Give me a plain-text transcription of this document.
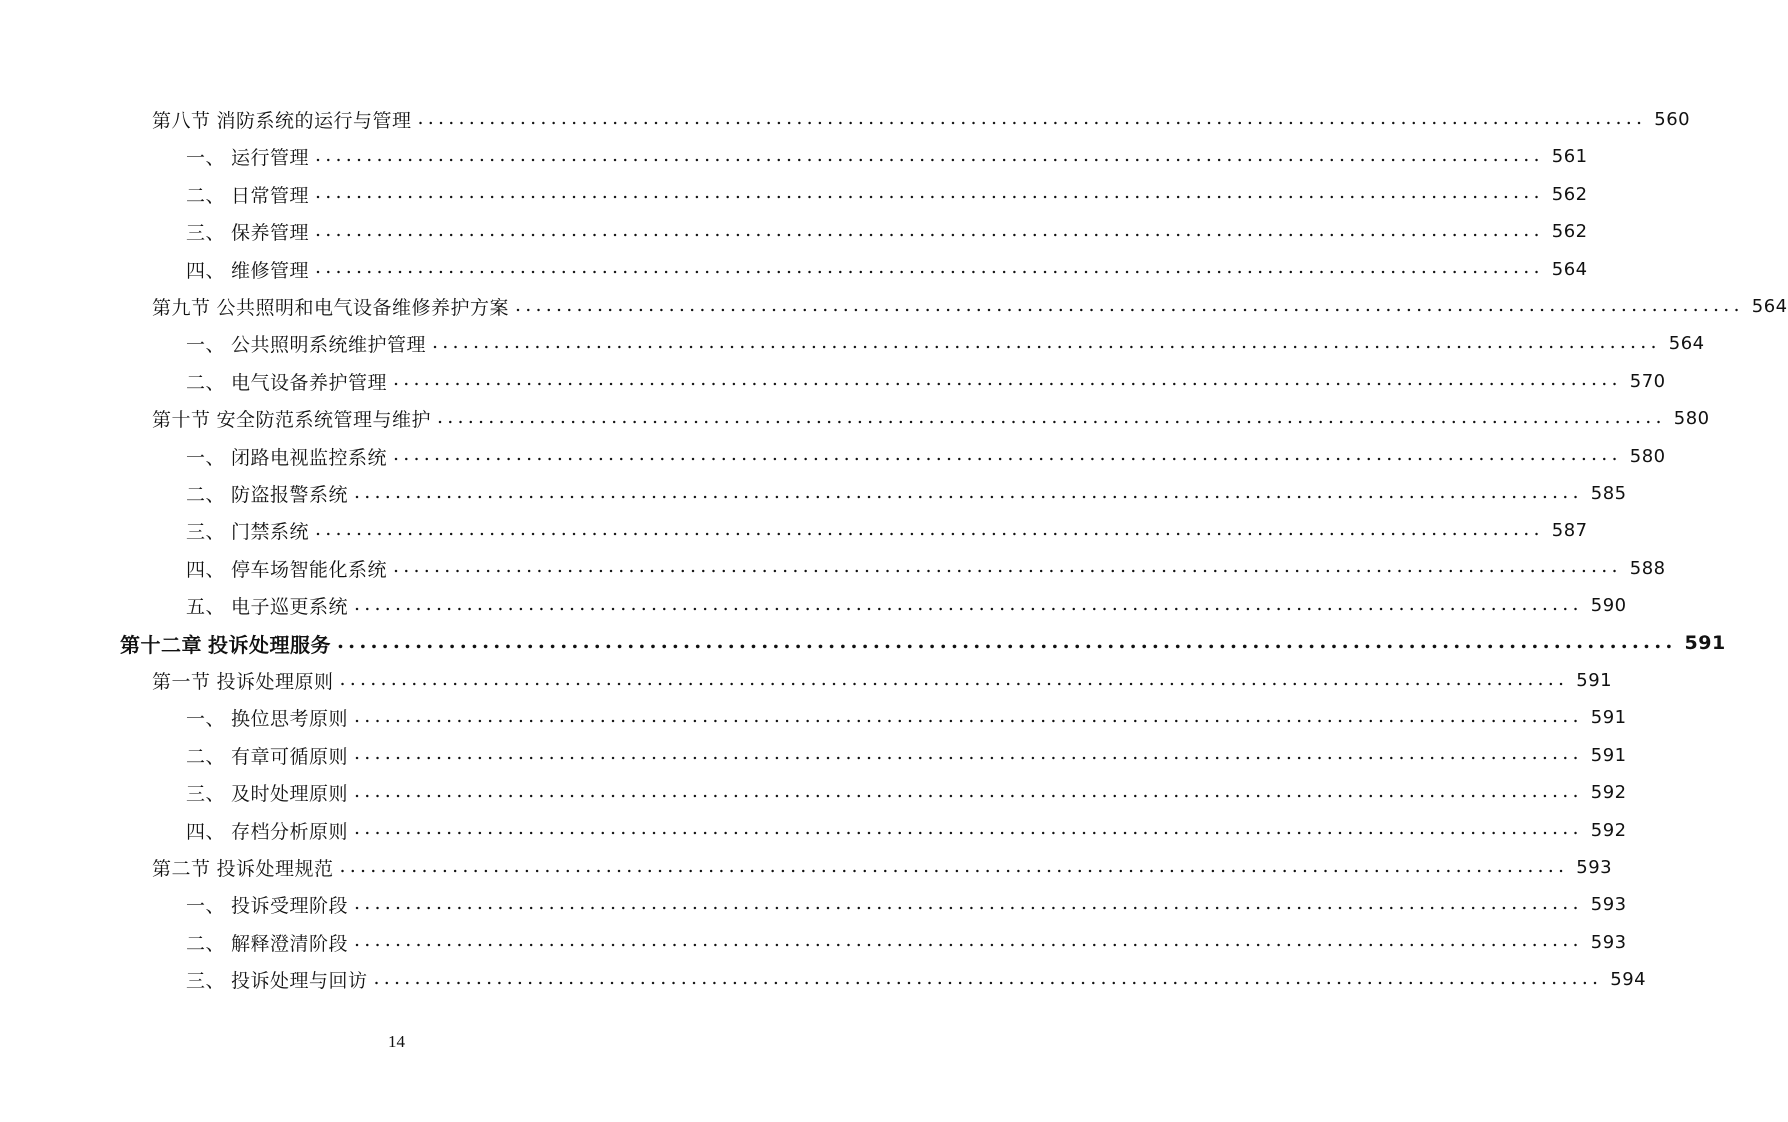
第八节 消防系统的运行与管理 ........................................................................................................................ 560
一、 运行管理 ........................................................................................................................ 561
二、 日常管理 ........................................................................................................................ 562
三、 保养管理 ........................................................................................................................ 562
四、 维修管理 ........................................................................................................................ 564
第九节 公共照明和电气设备维修养护方案 ........................................................................................................................ 564
一、 公共照明系统维护管理 ........................................................................................................................ 564
二、 电气设备养护管理 ........................................................................................................................ 570
第十节 安全防范系统管理与维护 ........................................................................................................................ 580
一、 闭路电视监控系统 ........................................................................................................................ 580
二、 防盗报警系统 ........................................................................................................................ 585
三、 门禁系统 ........................................................................................................................ 587
四、 停车场智能化系统 ........................................................................................................................ 588
五、 电子巡更系统 ........................................................................................................................ 590
第十二章 投诉处理服务 ........................................................................................................................ 591
第一节 投诉处理原则 ........................................................................................................................ 591
一、 换位思考原则 ........................................................................................................................ 591
二、 有章可循原则 ........................................................................................................................ 591
三、 及时处理原则 ........................................................................................................................ 592
四、 存档分析原则 ........................................................................................................................ 592
第二节 投诉处理规范 ........................................................................................................................ 593
一、 投诉受理阶段 ........................................................................................................................ 593
二、 解释澄清阶段 ........................................................................................................................ 593
三、 投诉处理与回访 ........................................................................................................................ 594
14
